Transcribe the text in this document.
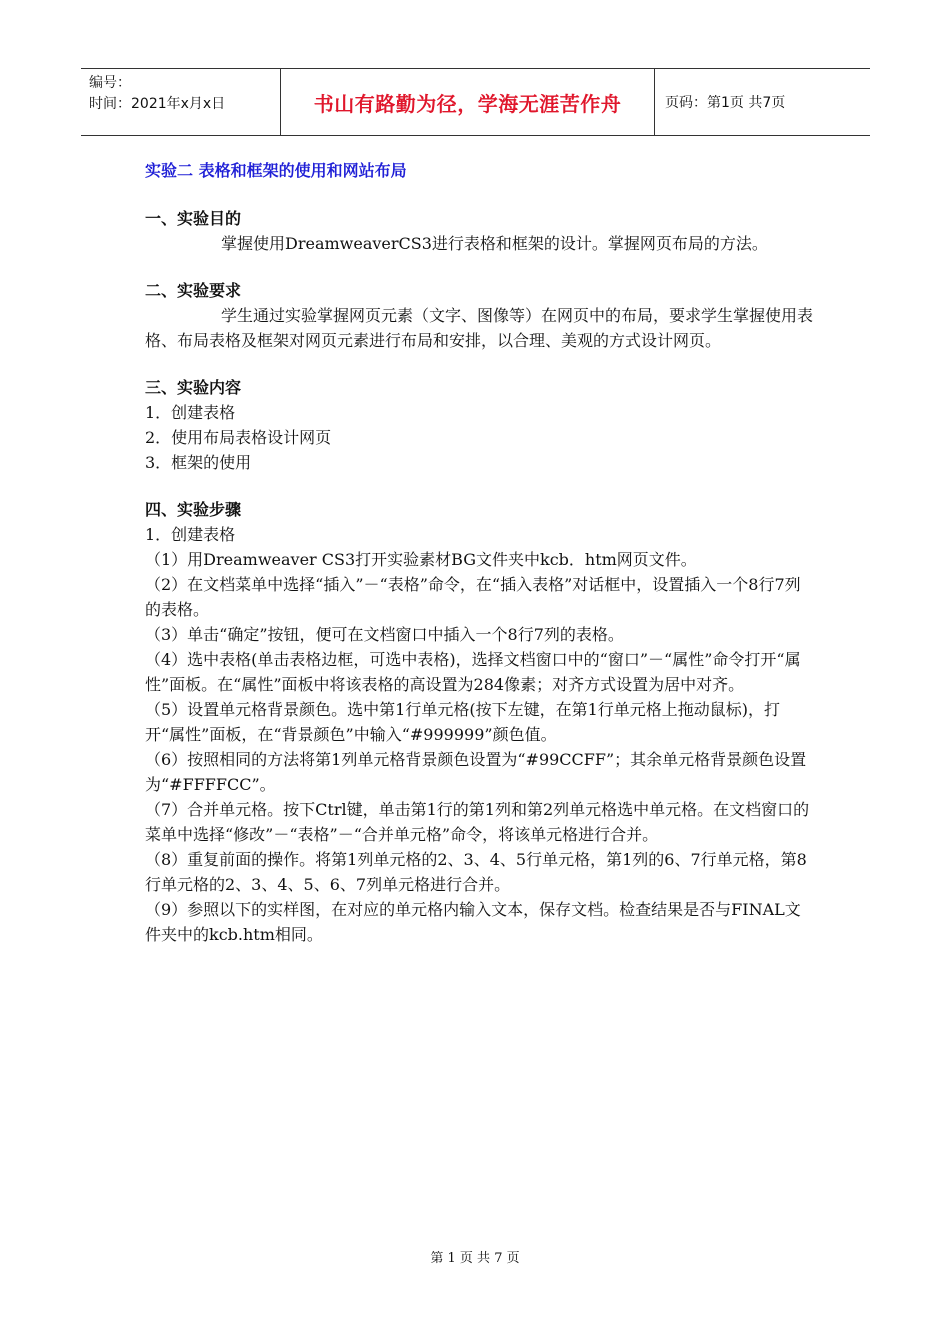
编号：
时间：2021年x月x日	书山有路勤为径，学海无涯苦作舟	页码：第1页 共7页
实验二 表格和框架的使用和网站布局
一、实验目的

掌握使用DreamweaverCS3进行表格和框架的设计。掌握网页布局的方法。

二、实验要求

学生通过实验掌握网页元素（文字、图像等）在网页中的布局，要求学生掌握使用表格、布局表格及框架对网页元素进行布局和安排，以合理、美观的方式设计网页。

三、实验内容

1．创建表格

2．使用布局表格设计网页

3．框架的使用

四、实验步骤

1．创建表格

（1）用Dreamweaver CS3打开实验素材BG文件夹中kcb．htm网页文件。

（2）在文档菜单中选择“插入”－“表格”命令，在“插入表格”对话框中，设置插入一个8行7列的表格。

（3）单击“确定”按钮，便可在文档窗口中插入一个8行7列的表格。

（4）选中表格(单击表格边框，可选中表格)，选择文档窗口中的“窗口”－“属性”命令打开“属性”面板。在“属性”面板中将该表格的高设置为284像素；对齐方式设置为居中对齐。

（5）设置单元格背景颜色。选中第1行单元格(按下左键，在第1行单元格上拖动鼠标)，打开“属性”面板，在“背景颜色”中输入“#999999”颜色值。

（6）按照相同的方法将第1列单元格背景颜色设置为“#99CCFF”；其余单元格背景颜色设置为“#FFFFCC”。

（7）合并单元格。按下Ctrl键，单击第1行的第1列和第2列单元格选中单元格。在文档窗口的菜单中选择“修改”－“表格”－“合并单元格”命令，将该单元格进行合并。

（8）重复前面的操作。将第1列单元格的2、3、4、5行单元格，第1列的6、7行单元格，第8行单元格的2、3、4、5、6、7列单元格进行合并。

（9）参照以下的实样图，在对应的单元格内输入文本，保存文档。检查结果是否与FINAL文件夹中的kcb.htm相同。

第 1 页 共 7 页
